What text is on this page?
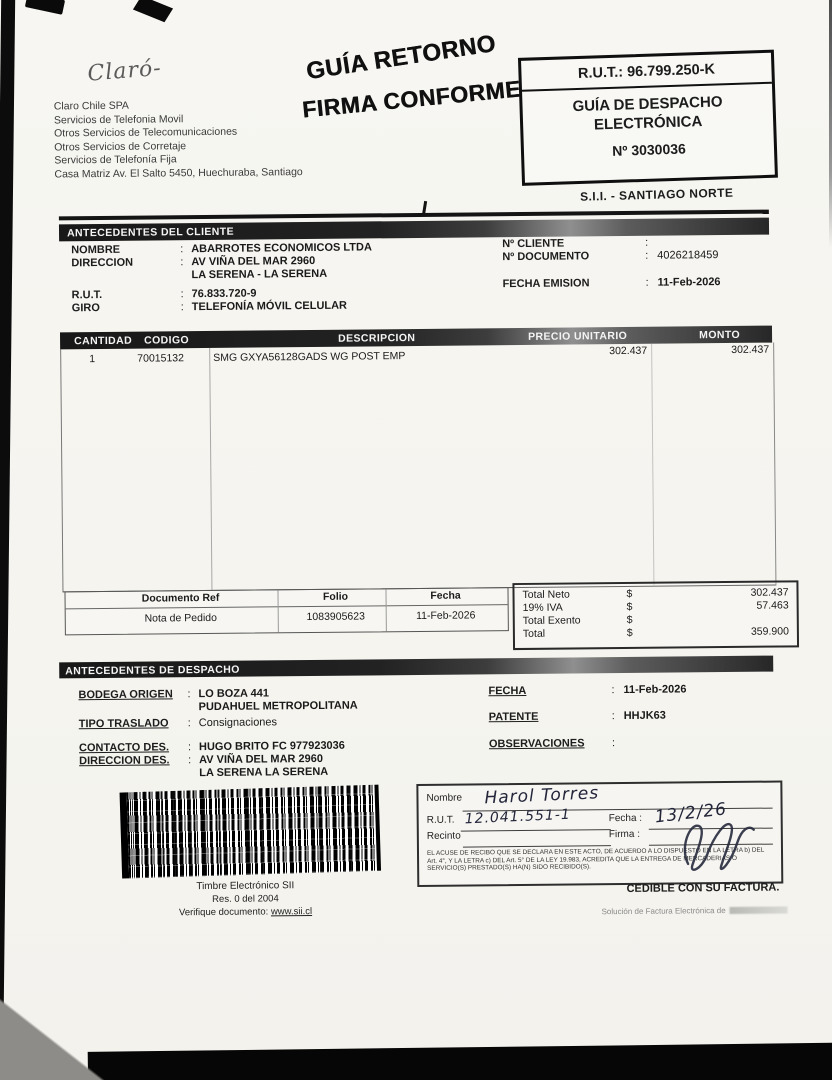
Claró-
Claro Chile SPA
Servicios de Telefonia Movil
Otros Servicios de Telecomunicaciones
Otros Servicios de Corretaje
Servicios de Telefonía Fija
Casa Matriz Av. El Salto 5450, Huechuraba, Santiago
GUÍA RETORNO
FIRMA CONFORME
R.U.T.: 96.799.250-K
GUÍA DE DESPACHO
ELECTRÓNICA
Nº 3030036
S.I.I. - SANTIAGO NORTE
ANTECEDENTES DEL CLIENTE
NOMBRE	: ABARROTES ECONOMICOS LTDA
DIRECCION	: AV VIÑA DEL MAR 2960
LA SERENA - LA SERENA
R.U.T.	: 76.833.720-9
GIRO	: TELEFONÍA MÓVIL CELULAR
Nº CLIENTE	:
Nº DOCUMENTO	: 4026218459
FECHA EMISION	: 11-Feb-2026
CANTIDAD CODIGO	DESCRIPCION	PRECIO UNITARIO	MONTO
1	70015132	SMG GXYA56128GADS WG POST EMP	302.437	302.437
Documento Ref	Folio	Fecha
Nota de Pedido	1083905623	11-Feb-2026
Total Neto	$	302.437
19% IVA	$	57.463
Total Exento	$
Total	$	359.900
ANTECEDENTES DE DESPACHO
BODEGA ORIGEN : LO BOZA 441
PUDAHUEL METROPOLITANA
TIPO TRASLADO : Consignaciones
CONTACTO DES. : HUGO BRITO FC 977923036
DIRECCION DES. : AV VIÑA DEL MAR 2960
LA SERENA LA SERENA
FECHA	: 11-Feb-2026
PATENTE	: HHJK63
OBSERVACIONES :
Timbre Electrónico SII
Res. 0 del 2004
Verifique documento: www.sii.cl
Nombre Harol Torres
R.U.T. 12.041.551-1	Fecha : 13/2/26
Recinto	Firma :
EL ACUSE DE RECIBO QUE SE DECLARA EN ESTE ACTO, DE ACUERDO A LO DISPUESTO EN LA LETRA b) DEL Art. 4°, Y LA LETRA c) DEL Art. 5° DE LA LEY 19.983, ACREDITA QUE LA ENTREGA DE MERCADERIAS O SERVICIO(S) PRESTADO(S) HA(N) SIDO RECIBIDO(S).
CEDIBLE CON SU FACTURA.
Solución de Factura Electrónica de
